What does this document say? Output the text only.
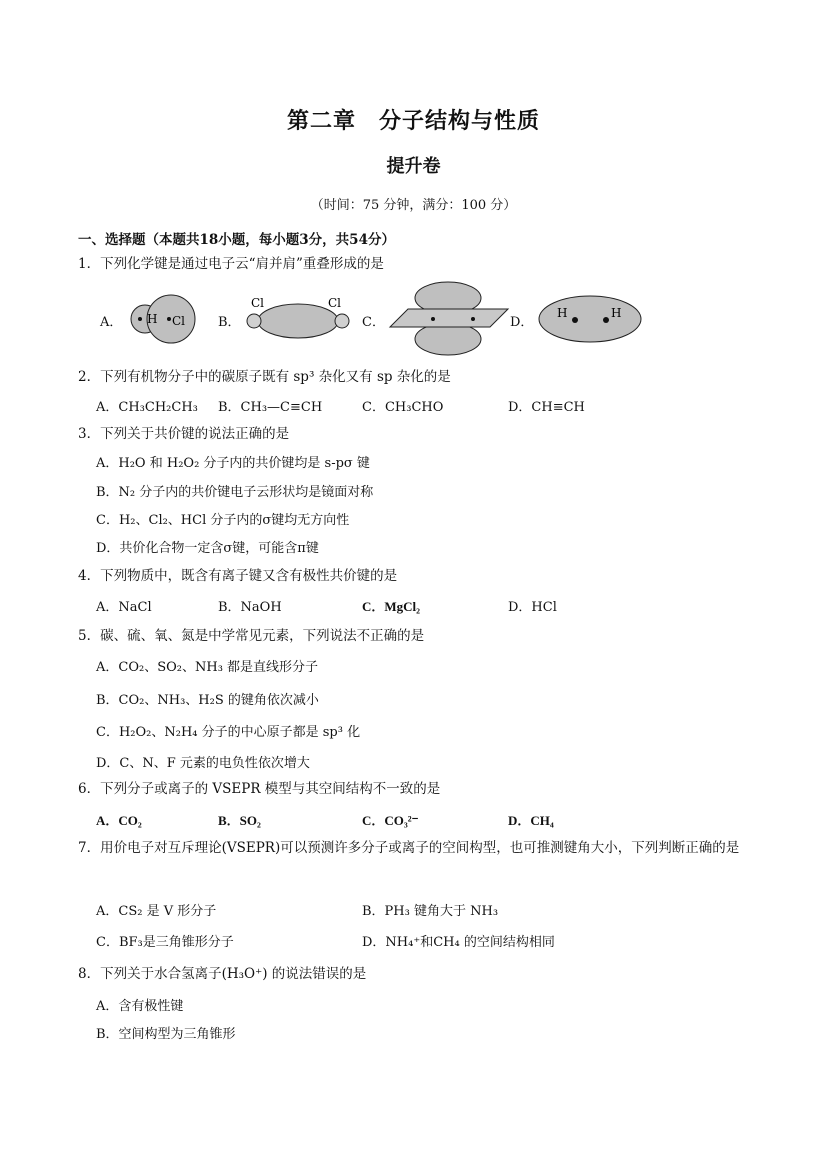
第二章　分子结构与性质
提升卷
（时间：75 分钟，满分：100 分）
一、选择题（本题共18小题，每小题3分，共54分）
1．下列化学键是通过电子云“肩并肩”重叠形成的是
A． H Cl	B．
Cl	Cl
C．	D．
H	H
2．下列有机物分子中的碳原子既有 sp³ 杂化又有 sp 杂化的是
A．CH₃CH₂CH₃ B．CH₃—C≡CH	C．CH₃CHO	D．CH≡CH
3．下列关于共价键的说法正确的是
A．H₂O 和 H₂O₂ 分子内的共价键均是 s-pσ 键
B．N₂ 分子内的共价键电子云形状均是镜面对称
C．H₂、Cl₂、HCl 分子内的σ键均无方向性
D．共价化合物一定含σ键，可能含π键
4．下列物质中，既含有离子键又含有极性共价键的是
A．NaCl	B．NaOH	C．MgCl₂	D．HCl
5．碳、硫、氧、氮是中学常见元素，下列说法不正确的是
A．CO₂、SO₂、NH₃ 都是直线形分子
B．CO₂、NH₃、H₂S 的键角依次减小
C．H₂O₂、N₂H₄ 分子的中心原子都是 sp³ 化
D．C、N、F 元素的电负性依次增大
6．下列分子或离子的 VSEPR 模型与其空间结构不一致的是
A．CO₂	B．SO₂	C．CO₃²⁻	D．CH₄
7．用价电子对互斥理论(VSEPR)可以预测许多分子或离子的空间构型，也可推测键角大小，下列判断正确的是
A．CS₂ 是 V 形分子	B．PH₃ 键角大于 NH₃
C．BF₃是三角锥形分子	D．NH₄⁺和CH₄ 的空间结构相同
8．下列关于水合氢离子(H₃O⁺) 的说法错误的是
A．含有极性键
B．空间构型为三角锥形
